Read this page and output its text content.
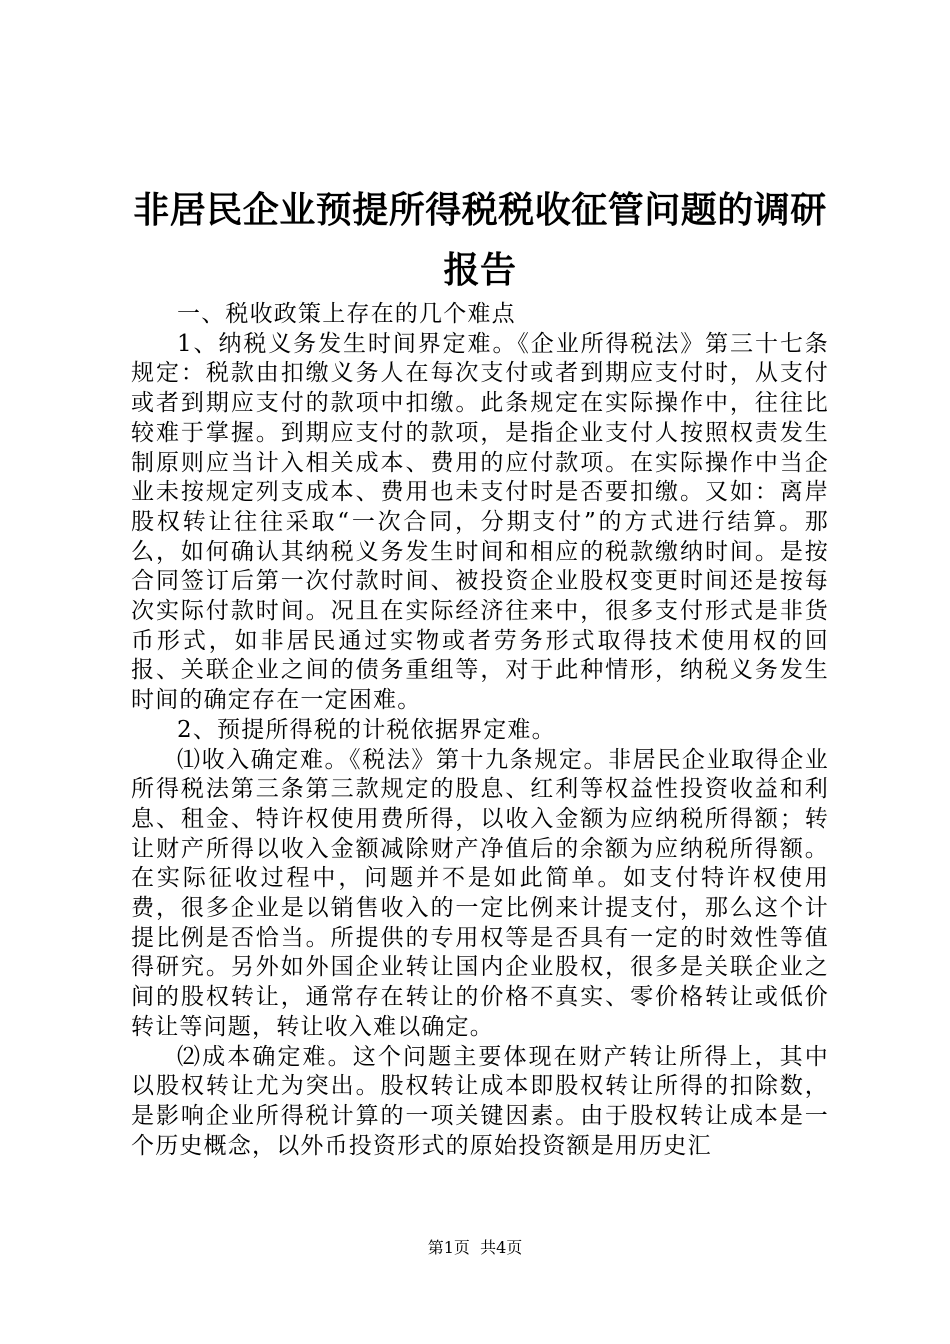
非居民企业预提所得税税收征管问题的调研报告

一、税收政策上存在的几个难点

1、纳税义务发生时间界定难。《企业所得税法》第三十七条规定：税款由扣缴义务人在每次支付或者到期应支付时，从支付或者到期应支付的款项中扣缴。此条规定在实际操作中，往往比较难于掌握。到期应支付的款项，是指企业支付人按照权责发生制原则应当计入相关成本、费用的应付款项。在实际操作中当企业未按规定列支成本、费用也未支付时是否要扣缴。又如：离岸股权转让往往采取“一次合同，分期支付”的方式进行结算。那么，如何确认其纳税义务发生时间和相应的税款缴纳时间。是按合同签订后第一次付款时间、被投资企业股权变更时间还是按每次实际付款时间。况且在实际经济往来中，很多支付形式是非货币形式，如非居民通过实物或者劳务形式取得技术使用权的回报、关联企业之间的债务重组等，对于此种情形，纳税义务发生时间的确定存在一定困难。

2、预提所得税的计税依据界定难。

⑴收入确定难。《税法》第十九条规定。非居民企业取得企业所得税法第三条第三款规定的股息、红利等权益性投资收益和利息、租金、特许权使用费所得，以收入金额为应纳税所得额；转让财产所得以收入金额减除财产净值后的余额为应纳税所得额。在实际征收过程中，问题并不是如此简单。如支付特许权使用费，很多企业是以销售收入的一定比例来计提支付，那么这个计提比例是否恰当。所提供的专用权等是否具有一定的时效性等值得研究。另外如外国企业转让国内企业股权，很多是关联企业之间的股权转让，通常存在转让的价格不真实、零价格转让或低价转让等问题，转让收入难以确定。

⑵成本确定难。这个问题主要体现在财产转让所得上，其中以股权转让尤为突出。股权转让成本即股权转让所得的扣除数，是影响企业所得税计算的一项关键因素。由于股权转让成本是一个历史概念，以外币投资形式的原始投资额是用历史汇

第1页 共4页
